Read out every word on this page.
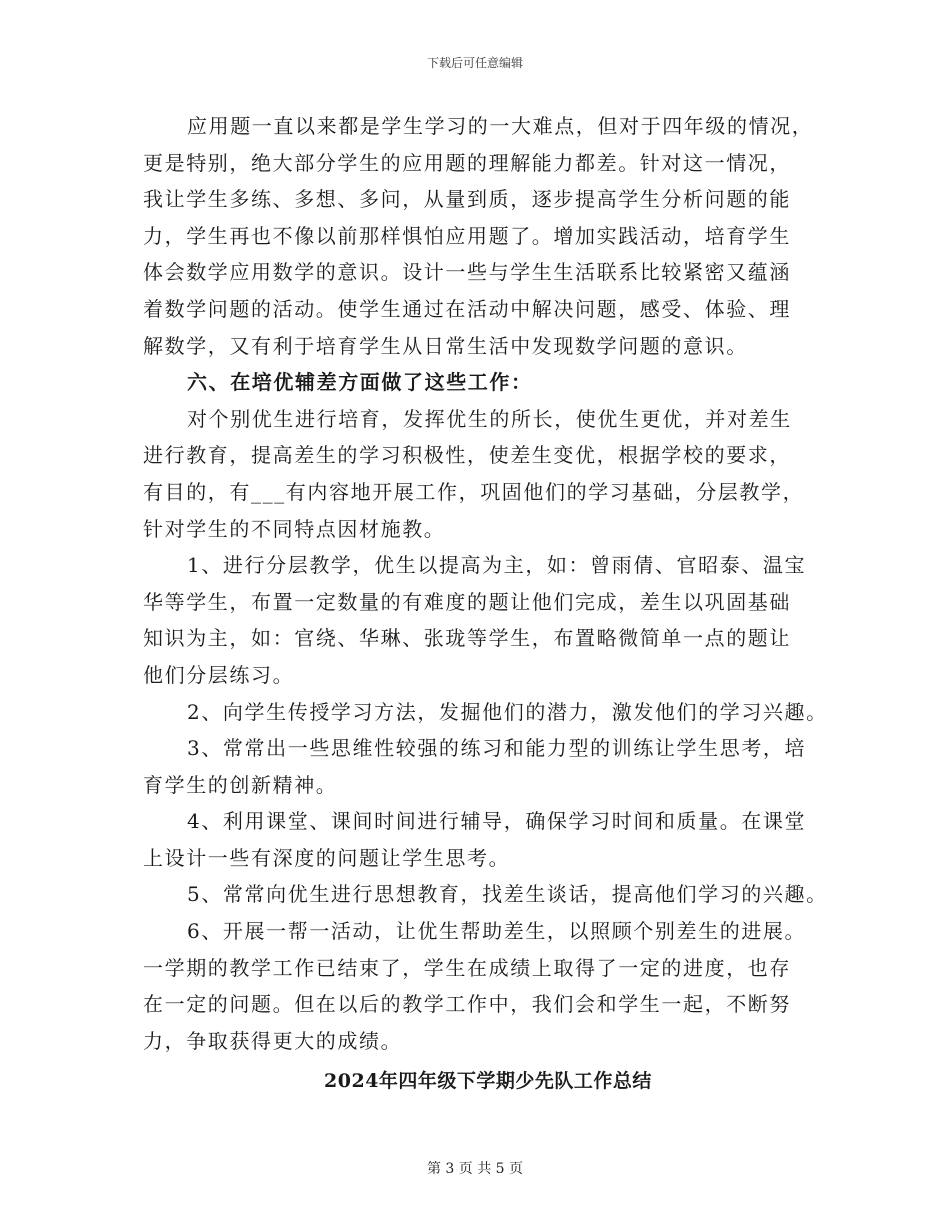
下载后可任意编辑

应用题一直以来都是学生学习的一大难点，但对于四年级的情况，
更是特别，绝大部分学生的应用题的理解能力都差。针对这一情况，
我让学生多练、多想、多问，从量到质，逐步提高学生分析问题的能
力，学生再也不像以前那样惧怕应用题了。增加实践活动，培育学生
体会数学应用数学的意识。设计一些与学生生活联系比较紧密又蕴涵
着数学问题的活动。使学生通过在活动中解决问题，感受、体验、理
解数学，又有利于培育学生从日常生活中发现数学问题的意识。

六、在培优辅差方面做了这些工作：

对个别优生进行培育，发挥优生的所长，使优生更优，并对差生
进行教育，提高差生的学习积极性，使差生变优，根据学校的要求，
有目的，有___有内容地开展工作，巩固他们的学习基础，分层教学，
针对学生的不同特点因材施教。

1、进行分层教学，优生以提高为主，如：曾雨倩、官昭泰、温宝
华等学生，布置一定数量的有难度的题让他们完成，差生以巩固基础
知识为主，如：官绕、华琳、张珑等学生，布置略微简单一点的题让
他们分层练习。

2、向学生传授学习方法，发掘他们的潜力，激发他们的学习兴趣。

3、常常出一些思维性较强的练习和能力型的训练让学生思考，培
育学生的创新精神。

4、利用课堂、课间时间进行辅导，确保学习时间和质量。在课堂
上设计一些有深度的问题让学生思考。

5、常常向优生进行思想教育，找差生谈话，提高他们学习的兴趣。

6、开展一帮一活动，让优生帮助差生，以照顾个别差生的进展。
一学期的教学工作已结束了，学生在成绩上取得了一定的进度，也存
在一定的问题。但在以后的教学工作中，我们会和学生一起，不断努
力，争取获得更大的成绩。

2024年四年级下学期少先队工作总结
第 3 页 共 5 页
